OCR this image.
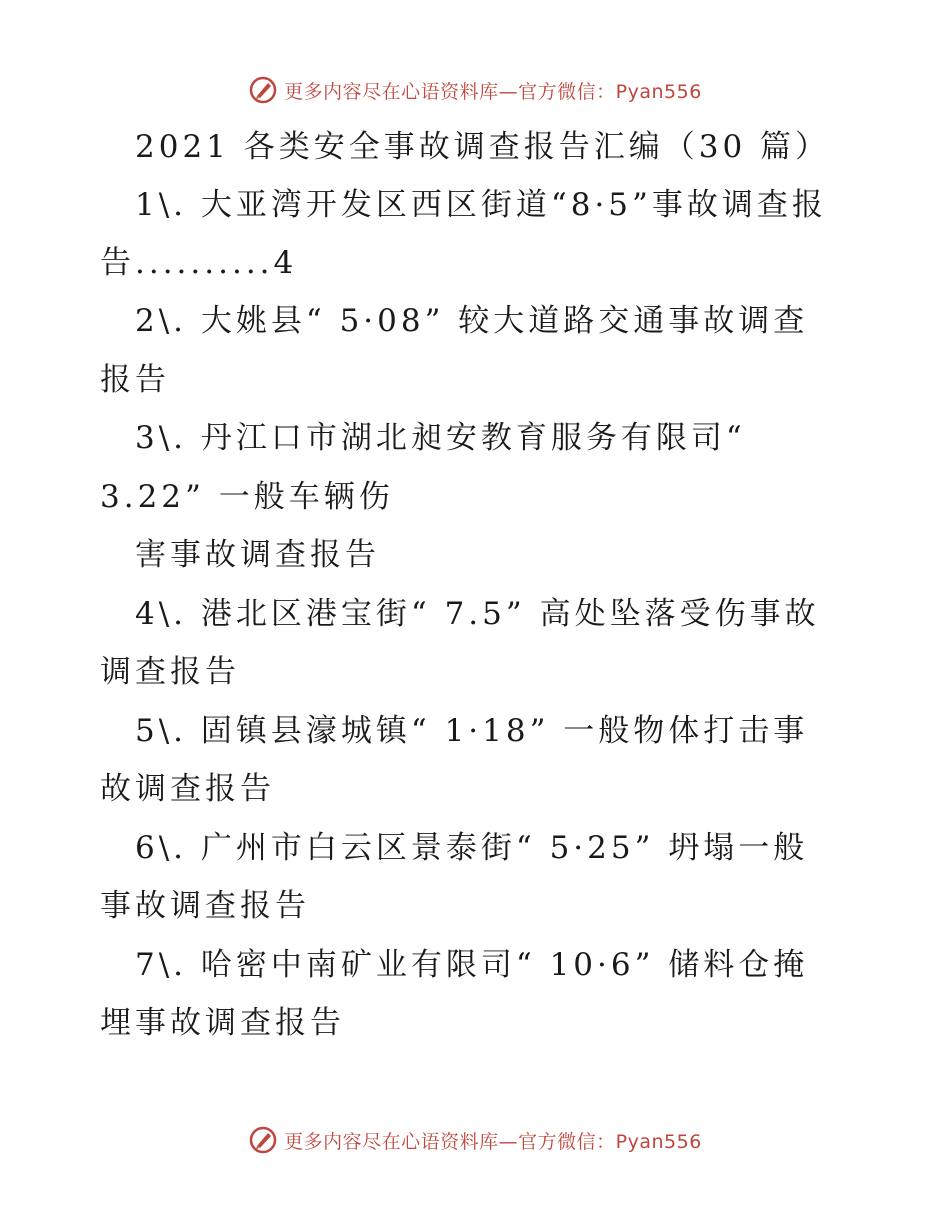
更多内容尽在心语资料库—官方微信：Pyan556
2021 各类安全事故调查报告汇编（30 篇）
1\. 大亚湾开发区西区街道“8·5”事故调查报
告..........4
2\. 大姚县“ 5·08” 较大道路交通事故调查
报告
3\. 丹江口市湖北昶安教育服务有限司“
3.22” 一般车辆伤
害事故调查报告
4\. 港北区港宝街“ 7.5” 高处坠落受伤事故
调查报告
5\. 固镇县濠城镇“ 1·18” 一般物体打击事
故调查报告
6\. 广州市白云区景泰街“ 5·25” 坍塌一般
事故调查报告
7\. 哈密中南矿业有限司“ 10·6” 储料仓掩
埋事故调查报告
更多内容尽在心语资料库—官方微信：Pyan556
